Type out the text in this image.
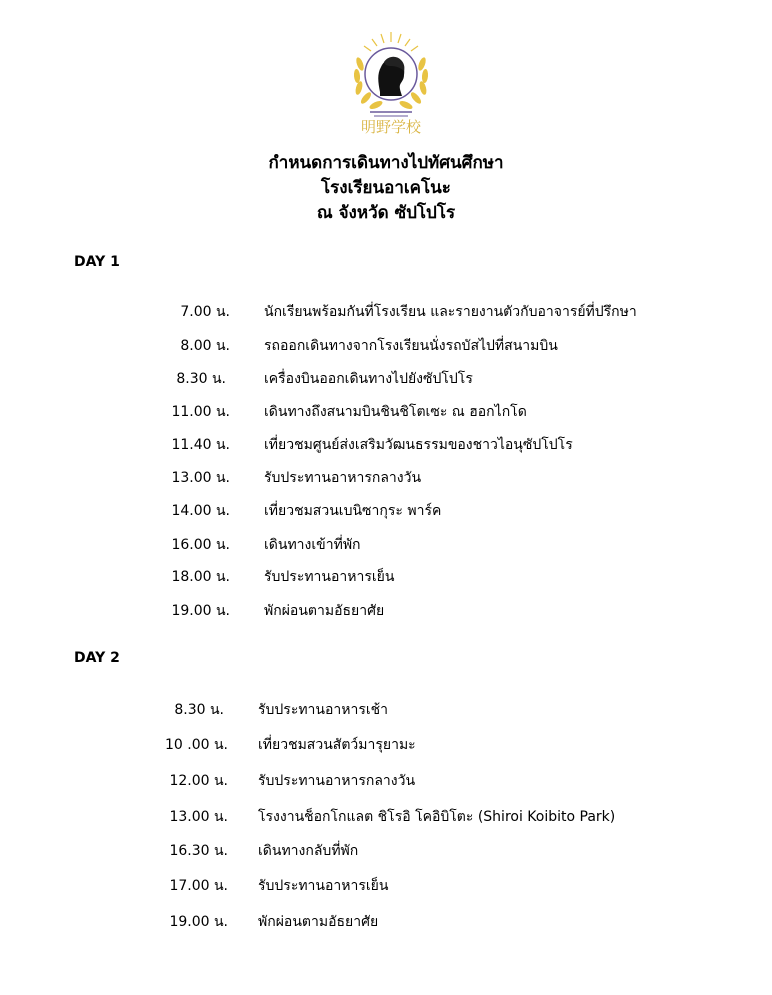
明野学校
กำหนดการเดินทางไปทัศนศึกษา
โรงเรียนอาเคโนะ
ณ จังหวัด ซัปโปโร
DAY 1
7.00 น. นักเรียนพร้อมกันที่โรงเรียน และรายงานตัวกับอาจารย์ที่ปรึกษา
8.00 น. รถออกเดินทางจากโรงเรียนนั่งรถบัสไปที่สนามบิน
8.30 น.	เครื่องบินออกเดินทางไปยังซัปโปโร
11.00 น. เดินทางถึงสนามบินชินชิโตเซะ ณ ฮอกไกโด
11.40 น. เที่ยวชมศูนย์ส่งเสริมวัฒนธรรมของชาวไอนุซัปโปโร
13.00 น. รับประทานอาหารกลางวัน
14.00 น. เที่ยวชมสวนเบนิซากุระ พาร์ค
16.00 น. เดินทางเข้าที่พัก
18.00 น. รับประทานอาหารเย็น
19.00 น. พักผ่อนตามอัธยาศัย
DAY 2
8.30 น. รับประทานอาหารเช้า
10 .00 น. เที่ยวชมสวนสัตว์มารุยามะ
12.00 น. รับประทานอาหารกลางวัน
13.00 น. โรงงานช็อกโกแลต ชิโรอิ โคอิบิโตะ (Shiroi Koibito Park)
16.30 น. เดินทางกลับที่พัก
17.00 น. รับประทานอาหารเย็น
19.00 น. พักผ่อนตามอัธยาศัย
